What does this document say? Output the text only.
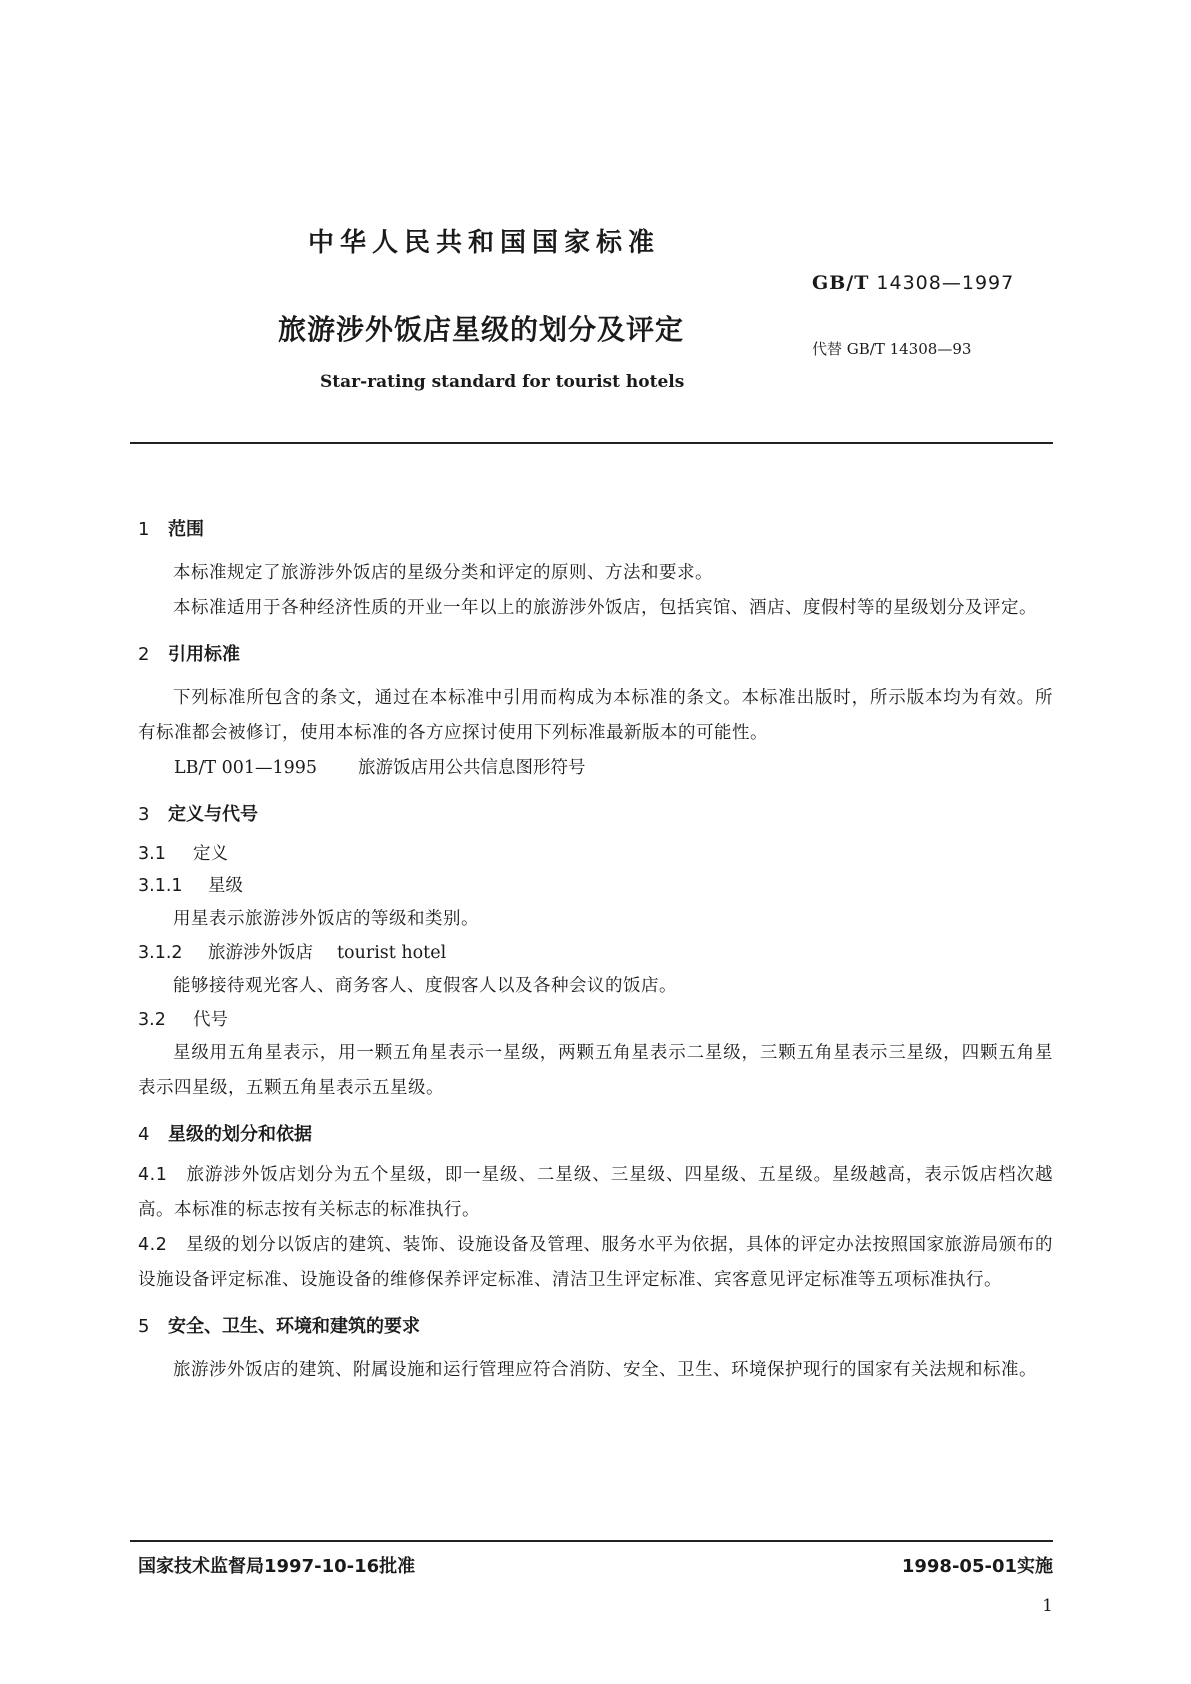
中华人民共和国国家标准
GB/T 14308—1997
旅游涉外饭店星级的划分及评定
代替 GB/T 14308—93
Star-rating standard for tourist hotels

1 范围

本标准规定了旅游涉外饭店的星级分类和评定的原则、方法和要求。

本标准适用于各种经济性质的开业一年以上的旅游涉外饭店，包括宾馆、酒店、度假村等的星级划分及评定。

2 引用标准

下列标准所包含的条文，通过在本标准中引用而构成为本标准的条文。本标准出版时，所示版本均为有效。所有标准都会被修订，使用本标准的各方应探讨使用下列标准最新版本的可能性。

LB/T 001—1995 旅游饭店用公共信息图形符号

3 定义与代号

3.1 定义

3.1.1 星级

用星表示旅游涉外饭店的等级和类别。

3.1.2 旅游涉外饭店 tourist hotel

能够接待观光客人、商务客人、度假客人以及各种会议的饭店。

3.2 代号

星级用五角星表示，用一颗五角星表示一星级，两颗五角星表示二星级，三颗五角星表示三星级，四颗五角星表示四星级，五颗五角星表示五星级。

4 星级的划分和依据

4.1 旅游涉外饭店划分为五个星级，即一星级、二星级、三星级、四星级、五星级。星级越高，表示饭店档次越高。本标准的标志按有关标志的标准执行。

4.2 星级的划分以饭店的建筑、装饰、设施设备及管理、服务水平为依据，具体的评定办法按照国家旅游局颁布的设施设备评定标准、设施设备的维修保养评定标准、清洁卫生评定标准、宾客意见评定标准等五项标准执行。

5 安全、卫生、环境和建筑的要求

旅游涉外饭店的建筑、附属设施和运行管理应符合消防、安全、卫生、环境保护现行的国家有关法规和标准。

国家技术监督局1997-10-16批准	1998-05-01实施
1
